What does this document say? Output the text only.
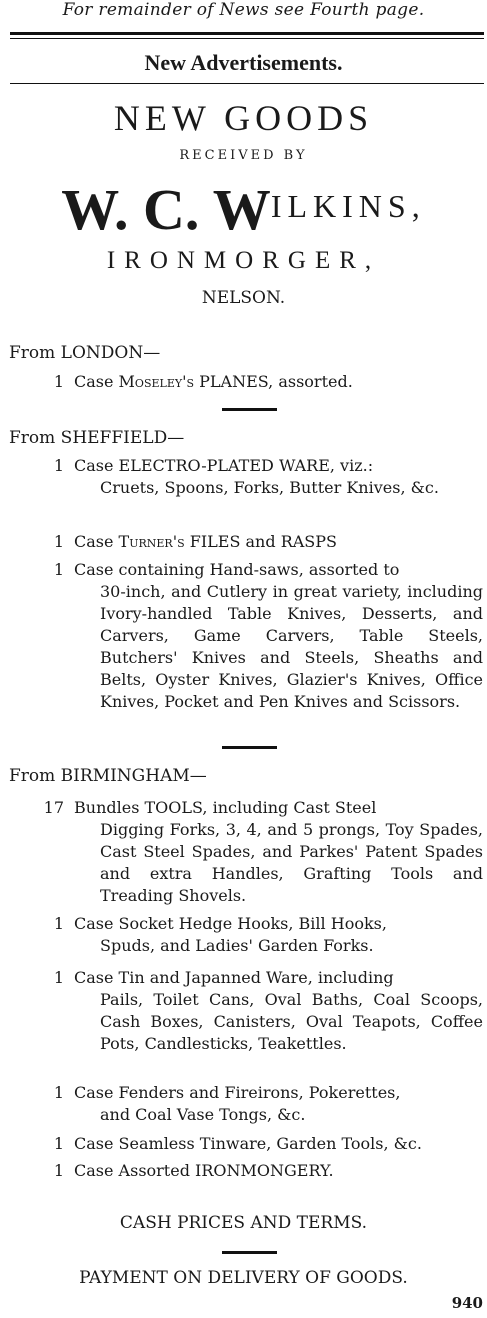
For remainder of News see Fourth page.
New Advertisements.
NEW GOODS
RECEIVED BY
W. C. WILKINS,
IRONMORGER,
NELSON.
From LONDON—
1 Case Moseley's PLANES, assorted.
From SHEFFIELD—
1 Case ELECTRO-PLATED WARE, viz.:
Cruets, Spoons, Forks, Butter Knives, &c.
1 Case Turner's FILES and RASPS
1 Case containing Hand-saws, assorted to
30-inch, and Cutlery in great variety, including Ivory-handled Table Knives, Desserts, and Carvers, Game Carvers, Table Steels, Butchers' Knives and Steels, Sheaths and Belts, Oyster Knives, Glazier's Knives, Office Knives, Pocket and Pen Knives and Scissors.
From BIRMINGHAM—
17 Bundles TOOLS, including Cast Steel
Digging Forks, 3, 4, and 5 prongs, Toy Spades, Cast Steel Spades, and Parkes' Patent Spades and extra Handles, Grafting Tools and Treading Shovels.
1 Case Socket Hedge Hooks, Bill Hooks,
Spuds, and Ladies' Garden Forks.
1 Case Tin and Japanned Ware, including
Pails, Toilet Cans, Oval Baths, Coal Scoops, Cash Boxes, Canisters, Oval Teapots, Coffee Pots, Candlesticks, Teakettles.
1 Case Fenders and Fireirons, Pokerettes,
and Coal Vase Tongs, &c.
1 Case Seamless Tinware, Garden Tools, &c.
1 Case Assorted IRONMONGERY.
CASH PRICES AND TERMS.
PAYMENT ON DELIVERY OF GOODS.
940
